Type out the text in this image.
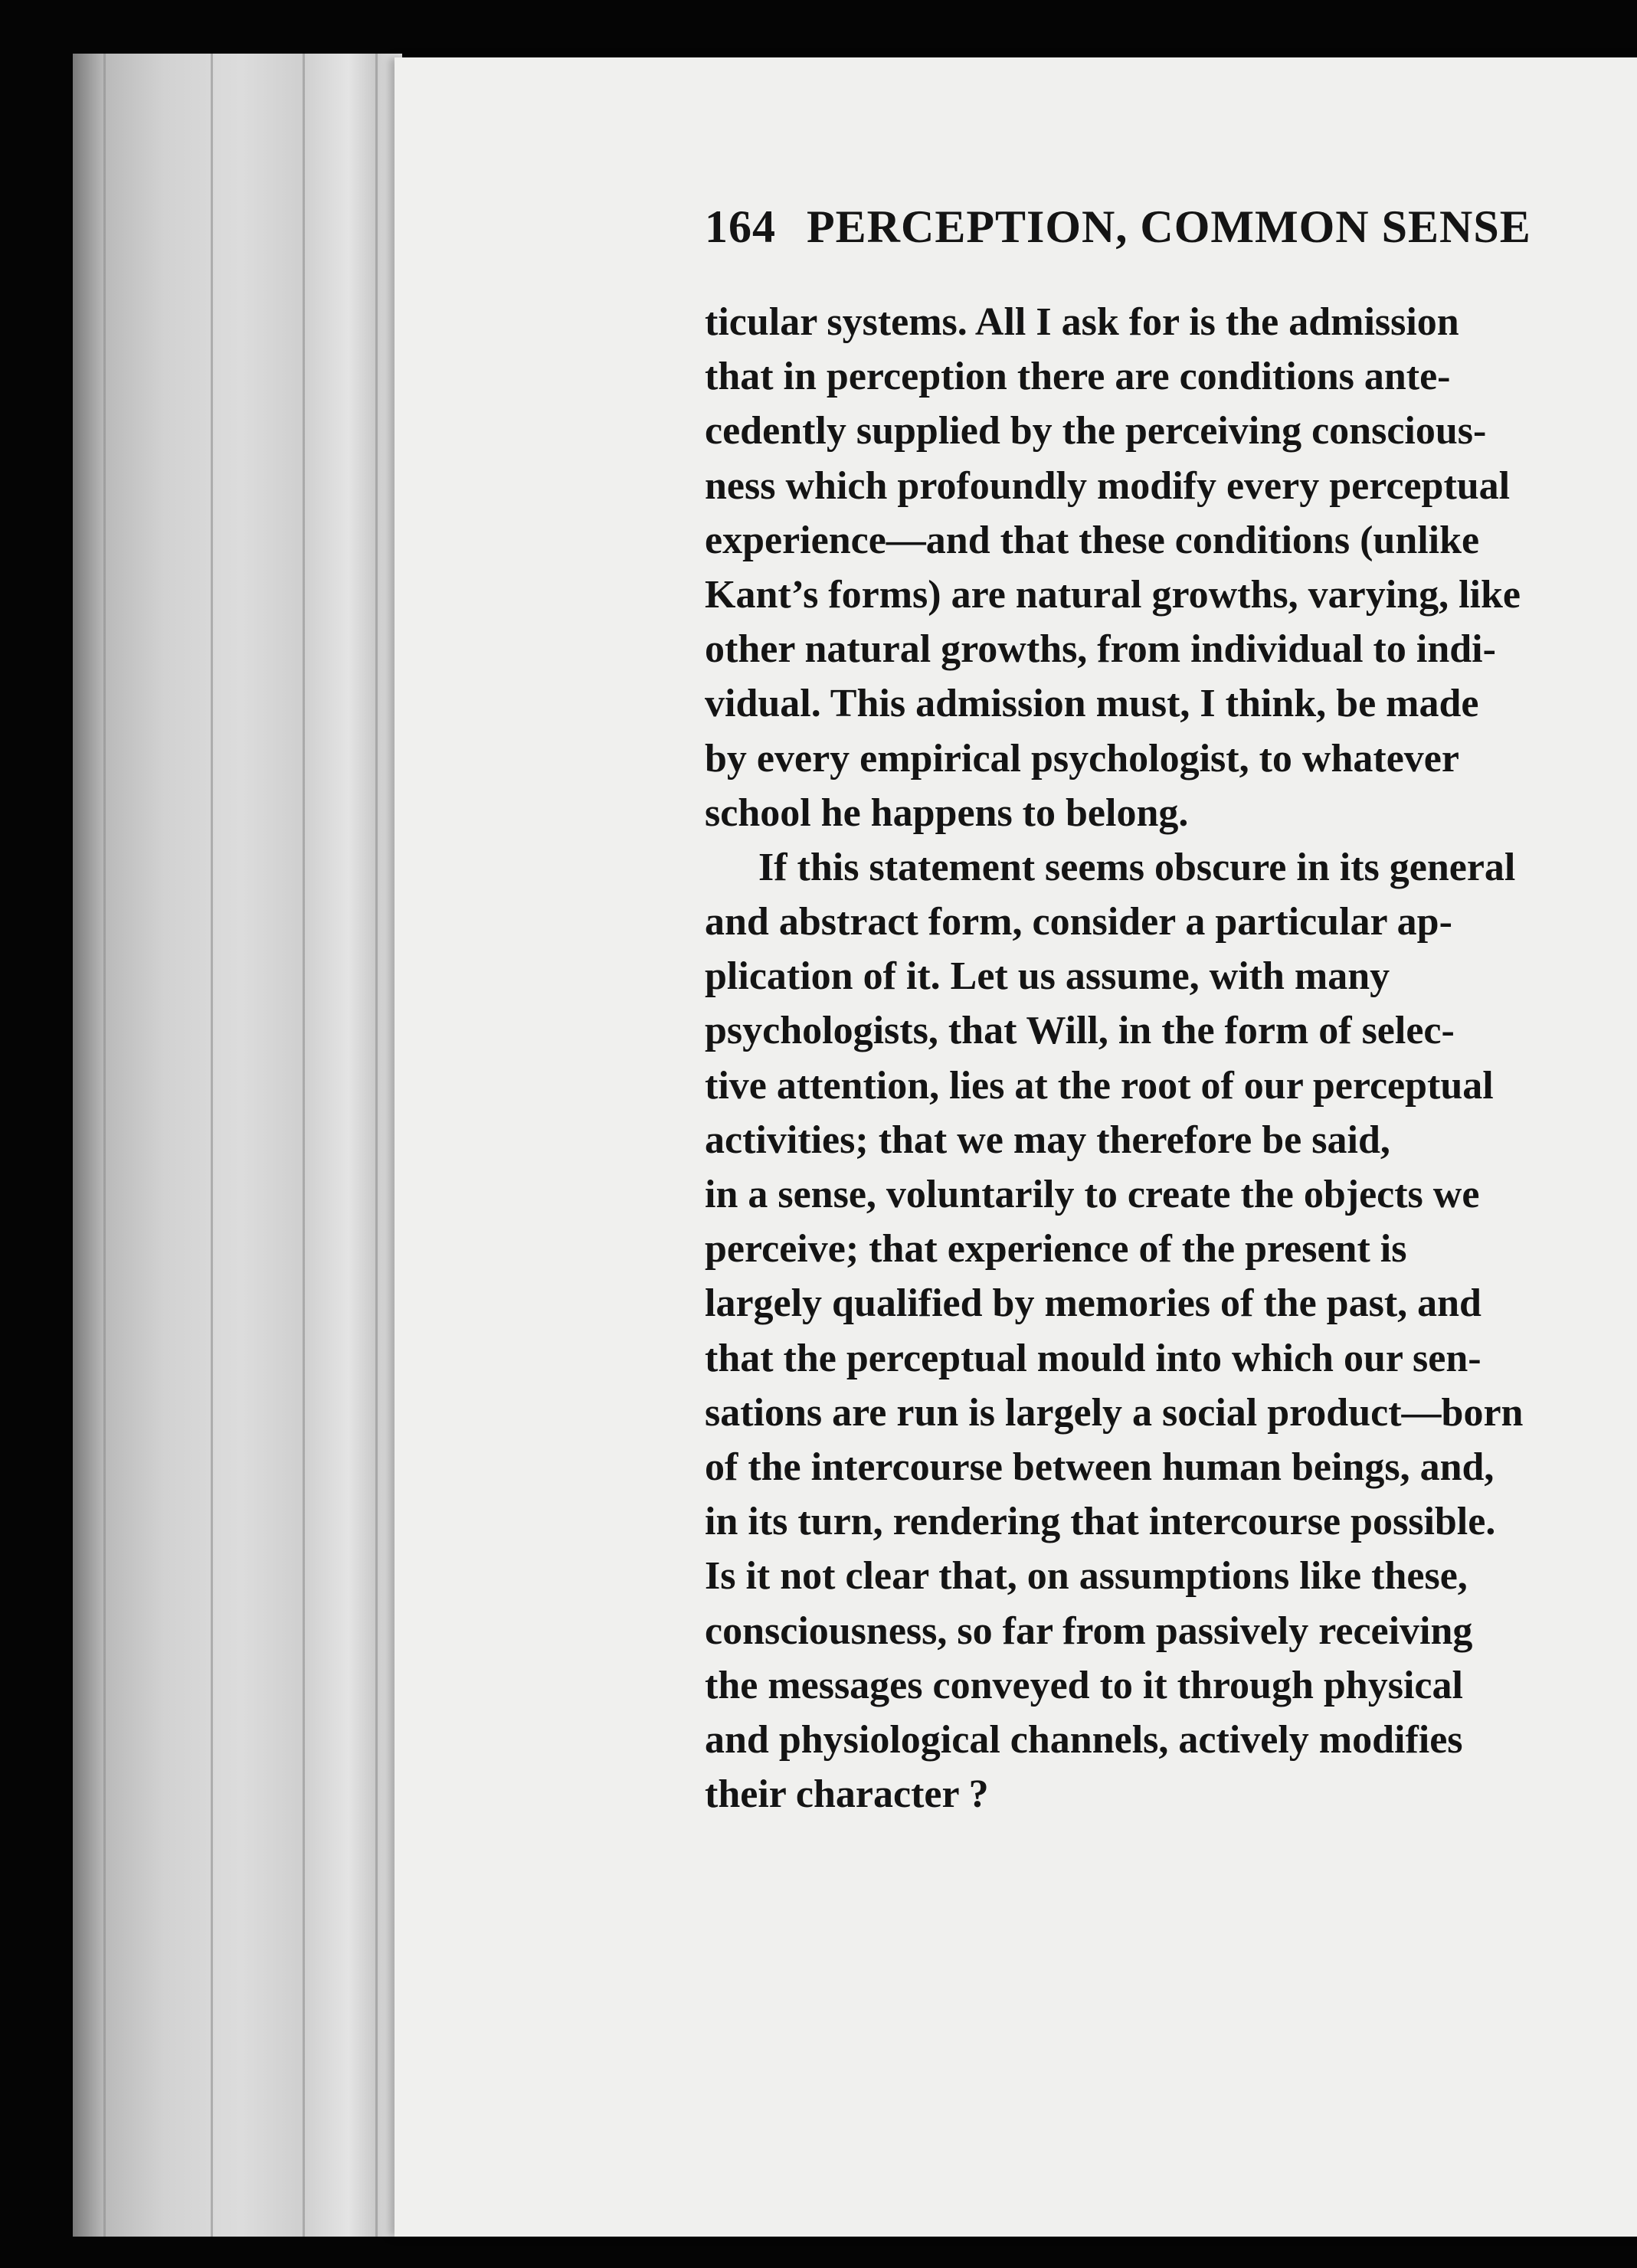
164 PERCEPTION, COMMON SENSE
ticular systems. All I ask for is the admission
that in perception there are conditions ante-
cedently supplied by the perceiving conscious-
ness which profoundly modify every perceptual
experience—and that these conditions (unlike
Kant’s forms) are natural growths, varying, like
other natural growths, from individual to indi-
vidual. This admission must, I think, be made
by every empirical psychologist, to whatever
school he happens to belong.
If this statement seems obscure in its general
and abstract form, consider a particular ap-
plication of it. Let us assume, with many
psychologists, that Will, in the form of selec-
tive attention, lies at the root of our perceptual
activities; that we may therefore be said,
in a sense, voluntarily to create the objects we
perceive; that experience of the present is
largely qualified by memories of the past, and
that the perceptual mould into which our sen-
sations are run is largely a social product—born
of the intercourse between human beings, and,
in its turn, rendering that intercourse possible.
Is it not clear that, on assumptions like these,
consciousness, so far from passively receiving
the messages conveyed to it through physical
and physiological channels, actively modifies
their character ?
